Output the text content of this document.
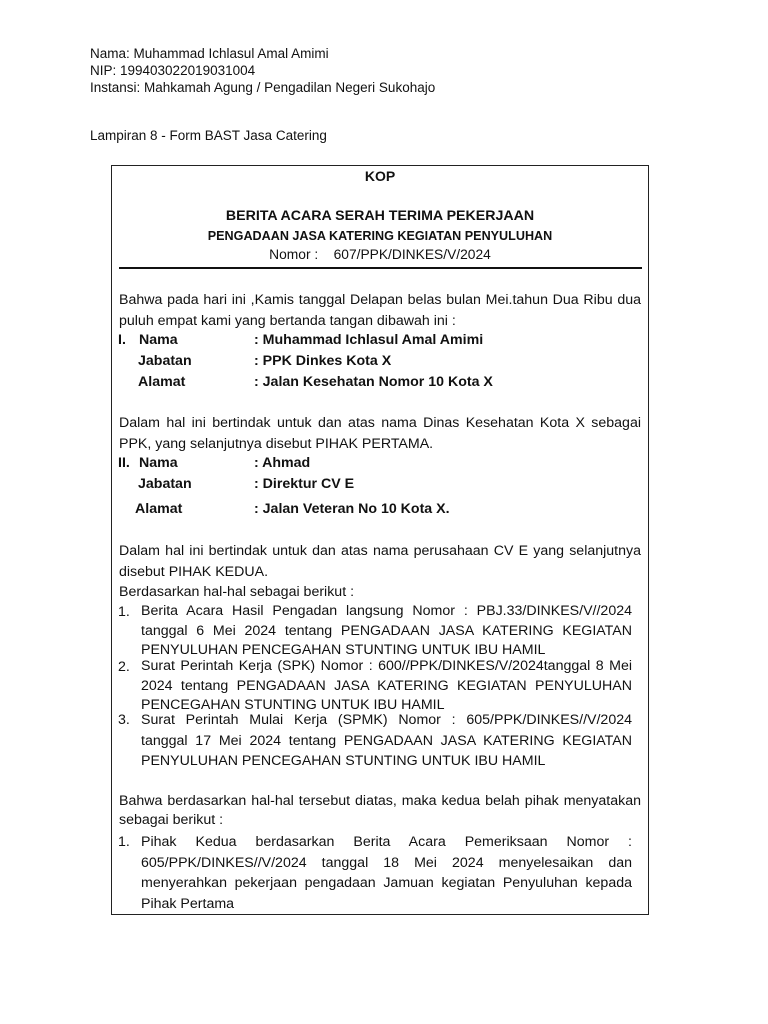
Nama: Muhammad Ichlasul Amal Amimi
NIP: 199403022019031004
Instansi: Mahkamah Agung / Pengadilan Negeri Sukohajo
Lampiran 8 - Form BAST Jasa Catering
KOP
BERITA ACARA SERAH TERIMA PEKERJAAN
PENGADAAN JASA KATERING KEGIATAN PENYULUHAN
Nomor : 607/PPK/DINKES/V/2024
Bahwa pada hari ini ,Kamis tanggal Delapan belas bulan Mei.tahun Dua Ribu dua puluh empat kami yang bertanda tangan dibawah ini :
I. Nama	: Muhammad Ichlasul Amal Amimi
Jabatan	: PPK Dinkes Kota X
Alamat	: Jalan Kesehatan Nomor 10 Kota X
Dalam hal ini bertindak untuk dan atas nama Dinas Kesehatan Kota X sebagai PPK, yang selanjutnya disebut PIHAK PERTAMA.
II. Nama	: Ahmad
Jabatan	: Direktur CV E
Alamat	: Jalan Veteran No 10 Kota X.
Dalam hal ini bertindak untuk dan atas nama perusahaan CV E yang selanjutnya disebut PIHAK KEDUA.
Berdasarkan hal-hal sebagai berikut :
1. Berita Acara Hasil Pengadan langsung Nomor : PBJ.33/DINKES/V//2024 tanggal 6 Mei 2024 tentang PENGADAAN JASA KATERING KEGIATAN PENYULUHAN PENCEGAHAN STUNTING UNTUK IBU HAMIL
2. Surat Perintah Kerja (SPK) Nomor : 600//PPK/DINKES/V/2024tanggal 8 Mei 2024 tentang PENGADAAN JASA KATERING KEGIATAN PENYULUHAN PENCEGAHAN STUNTING UNTUK IBU HAMIL
3. Surat Perintah Mulai Kerja (SPMK) Nomor : 605/PPK/DINKES//V/2024 tanggal 17 Mei 2024 tentang PENGADAAN JASA KATERING KEGIATAN PENYULUHAN PENCEGAHAN STUNTING UNTUK IBU HAMIL
Bahwa berdasarkan hal-hal tersebut diatas, maka kedua belah pihak menyatakan sebagai berikut :
1. Pihak Kedua berdasarkan Berita Acara Pemeriksaan Nomor : 605/PPK/DINKES//V/2024 tanggal 18 Mei 2024 menyelesaikan dan menyerahkan pekerjaan pengadaan Jamuan kegiatan Penyuluhan kepada Pihak Pertama
